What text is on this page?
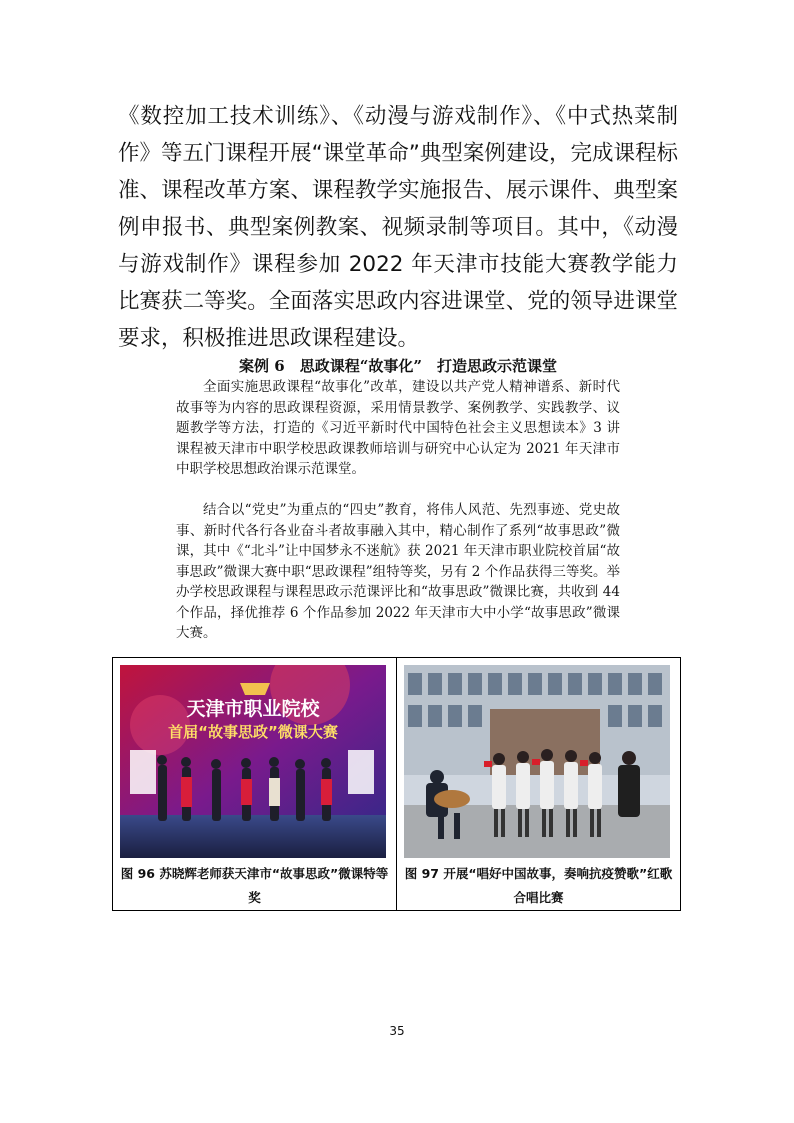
《数控加工技术训练》、《动漫与游戏制作》、《中式热菜制作》等五门课程开展“课堂革命”典型案例建设，完成课程标准、课程改革方案、课程教学实施报告、展示课件、典型案例申报书、典型案例教案、视频录制等项目。其中，《动漫与游戏制作》课程参加 2022 年天津市技能大赛教学能力比赛获二等奖。全面落实思政内容进课堂、党的领导进课堂要求，积极推进思政课程建设。

案例 6　思政课程“故事化”　打造思政示范课堂

全面实施思政课程“故事化”改革，建设以共产党人精神谱系、新时代故事等为内容的思政课程资源，采用情景教学、案例教学、实践教学、议题教学等方法，打造的《习近平新时代中国特色社会主义思想读本》3 讲课程被天津市中职学校思政课教师培训与研究中心认定为 2021 年天津市中职学校思想政治课示范课堂。

结合以“党史”为重点的“四史”教育，将伟人风范、先烈事迹、党史故事、新时代各行各业奋斗者故事融入其中，精心制作了系列“故事思政”微课，其中《“北斗”让中国梦永不迷航》获 2021 年天津市职业院校首届“故事思政”微课大赛中职“思政课程”组特等奖，另有 2 个作品获得三等奖。举办学校思政课程与课程思政示范课评比和“故事思政”微课比赛，共收到 44 个作品，择优推荐 6 个作品参加 2022 年天津市大中小学“故事思政”微课大赛。

天津市职业院校
首届“故事思政”微课大赛
图 96 苏晓辉老师获天津市“故事思政”微课特等奖
图 97 开展“唱好中国故事，奏响抗疫赞歌”红歌合唱比赛
35
